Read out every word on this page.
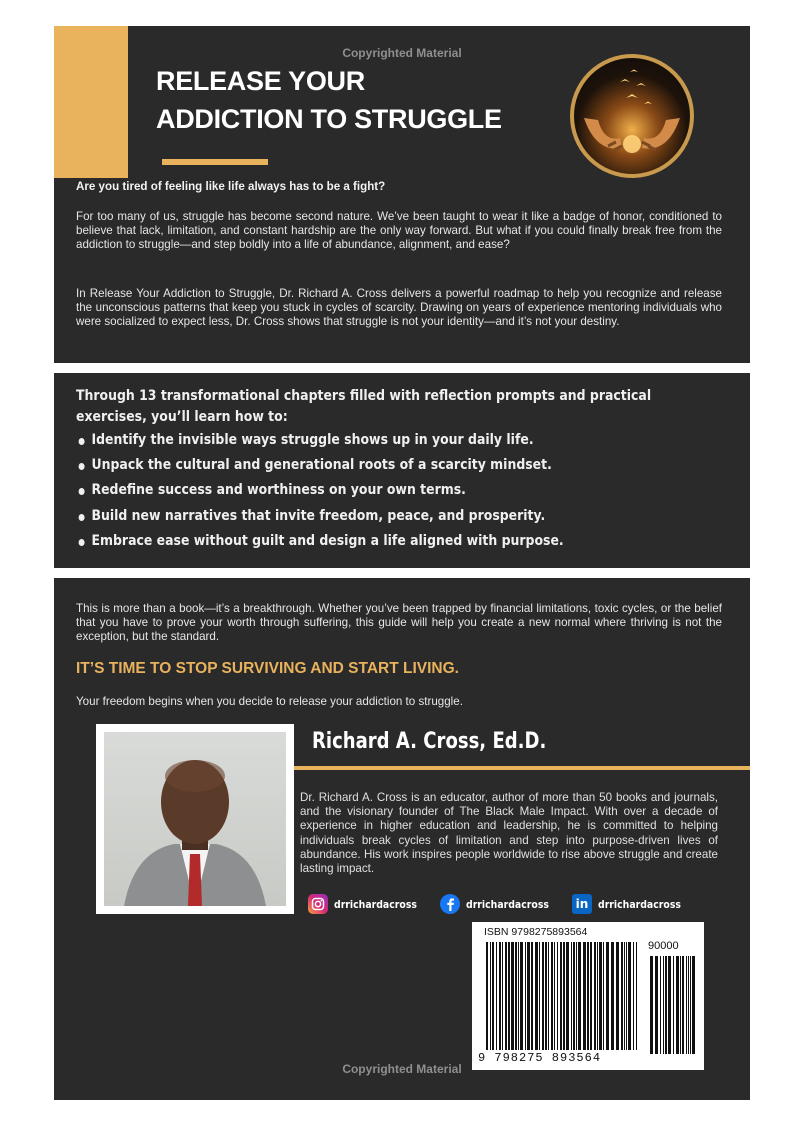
Copyrighted Material
RELEASE YOUR
ADDICTION TO STRUGGLE
Are you tired of feeling like life always has to be a fight?
For too many of us, struggle has become second nature. We’ve been taught to wear it like a badge of honor, conditioned to believe that lack, limitation, and constant hardship are the only way forward. But what if you could finally break free from the addiction to struggle—and step boldly into a life of abundance, alignment, and ease?
In Release Your Addiction to Struggle, Dr. Richard A. Cross delivers a powerful roadmap to help you recognize and release the unconscious patterns that keep you stuck in cycles of scarcity. Drawing on years of experience mentoring individuals who were socialized to expect less, Dr. Cross shows that struggle is not your identity—and it’s not your destiny.
Through 13 transformational chapters filled with reflection prompts and practical
exercises, you’ll learn how to:
Identify the invisible ways struggle shows up in your daily life.
Unpack the cultural and generational roots of a scarcity mindset.
Redefine success and worthiness on your own terms.
Build new narratives that invite freedom, peace, and prosperity.
Embrace ease without guilt and design a life aligned with purpose.
This is more than a book—it’s a breakthrough. Whether you’ve been trapped by financial limitations, toxic cycles, or the belief that you have to prove your worth through suffering, this guide will help you create a new normal where thriving is not the exception, but the standard.
IT’S TIME TO STOP SURVIVING AND START LIVING.
Your freedom begins when you decide to release your addiction to struggle.
Richard A. Cross, Ed.D.
Dr. Richard A. Cross is an educator, author of more than 50 books and journals, and the visionary founder of The Black Male Impact. With over a decade of experience in higher education and leadership, he is committed to helping individuals break cycles of limitation and step into purpose-driven lives of abundance. His work inspires people worldwide to rise above struggle and create lasting impact.
drrichardacross	drrichardacross	in drrichardacross
ISBN 9798275893564
90000
9 798275 893564
Copyrighted Material
